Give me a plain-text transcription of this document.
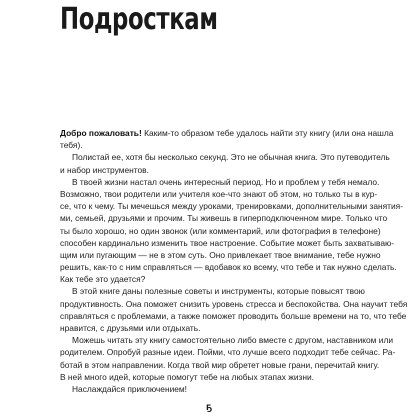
Подросткам
Добро пожаловать! Каким-то образом тебе удалось найти эту книгу (или она нашла
тебя).
Полистай ее, хотя бы несколько секунд. Это не обычная книга. Это путеводитель
и набор инструментов.
В твоей жизни настал очень интересный период. Но и проблем у тебя немало.
Возможно, твои родители или учителя кое-что знают об этом, но только ты в кур-
се, что к чему. Ты мечешься между уроками, тренировками, дополнительными занятия-
ми, семьей, друзьями и прочим. Ты живешь в гиперподключенном мире. Только что
ты было хорошо, но один звонок (или комментарий, или фотография в телефоне)
способен кардинально изменить твое настроение. Событие может быть захватываю-
щим или пугающим — не в этом суть. Оно привлекает твое внимание, тебе нужно
решить, как-то с ним справляться — вдобавок ко всему, что тебе и так нужно сделать.
Как тебе это удается?
В этой книге даны полезные советы и инструменты, которые повысят твою
продуктивность. Она поможет снизить уровень стресса и беспокойства. Она научит тебя
справляться с проблемами, а также поможет проводить больше времени на то, что тебе
нравится, с друзьями или отдыхать.
Можешь читать эту книгу самостоятельно либо вместе с другом, наставником или
родителем. Опробуй разные идеи. Пойми, что лучше всего подходит тебе сейчас. Ра-
ботай в этом направлении. Когда твой мир обретет новые грани, перечитай книгу.
В ней много идей, которые помогут тебе на любых этапах жизни.
Наслаждайся приключением!
ҕ
